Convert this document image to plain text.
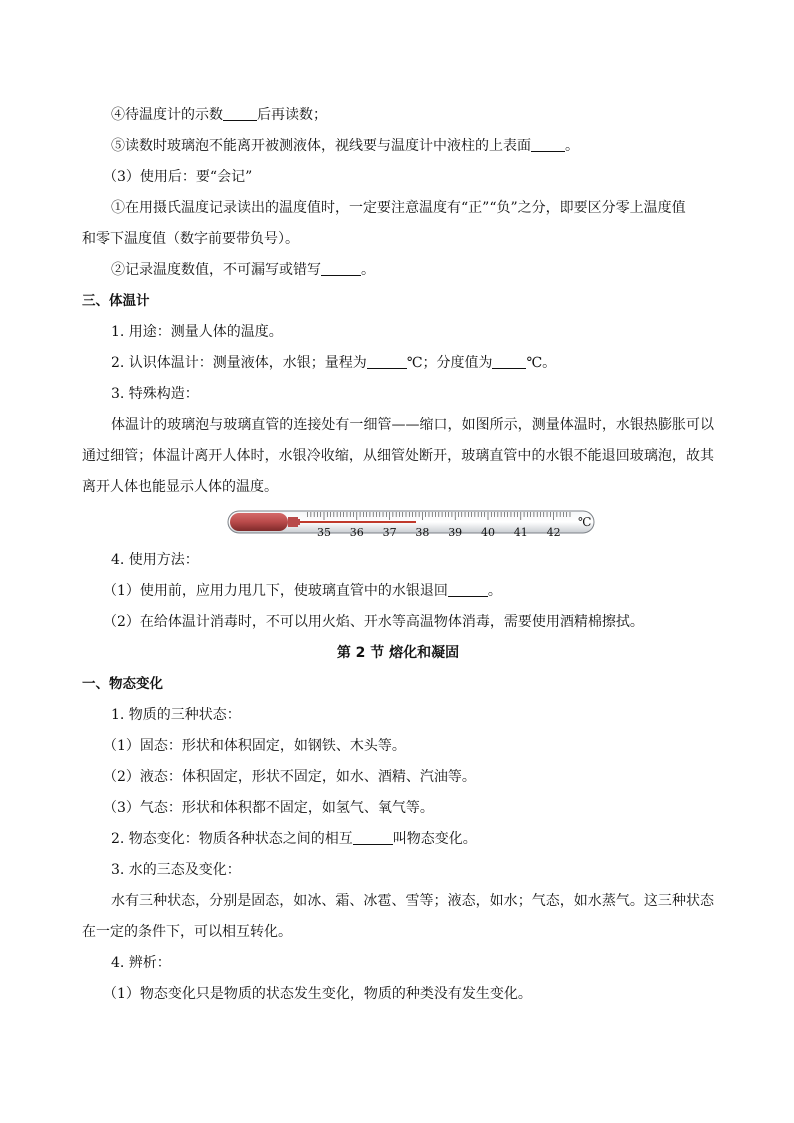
④待温度计的示数 后再读数；

⑤读数时玻璃泡不能离开被测液体，视线要与温度计中液柱的上表面 。

（3）使用后：要“会记”

①在用摄氏温度记录读出的温度值时，一定要注意温度有“正”“负”之分，即要区分零上温度值

和零下温度值（数字前要带负号）。

②记录温度数值，不可漏写或错写	。

三、体温计

1. 用途：测量人体的温度。

2. 认识体温计：测量液体，水银；量程为	℃；分度值为 ℃。

3. 特殊构造：

体温计的玻璃泡与玻璃直管的连接处有一细管——缩口，如图所示，测量体温时，水银热膨胀可以通过细管；体温计离开人体时，水银冷收缩，从细管处断开，玻璃直管中的水银不能退回玻璃泡，故其离开人体也能显示人体的温度。

4. 使用方法：

（1）使用前，应用力甩几下，使玻璃直管中的水银退回	。

（2）在给体温计消毒时，不可以用火焰、开水等高温物体消毒，需要使用酒精棉擦拭。

第 2 节 熔化和凝固

一、物态变化

1. 物质的三种状态：

（1）固态：形状和体积固定，如钢铁、木头等。

（2）液态：体积固定，形状不固定，如水、酒精、汽油等。

（3）气态：形状和体积都不固定，如氢气、氧气等。

2. 物态变化：物质各种状态之间的相互	叫物态变化。

3. 水的三态及变化：

水有三种状态，分别是固态，如冰、霜、冰雹、雪等；液态，如水；气态，如水蒸气。这三种状态在一定的条件下，可以相互转化。

4. 辨析：

（1）物态变化只是物质的状态发生变化，物质的种类没有发生变化。

35 36 37 38 39 40 41 42
℃
